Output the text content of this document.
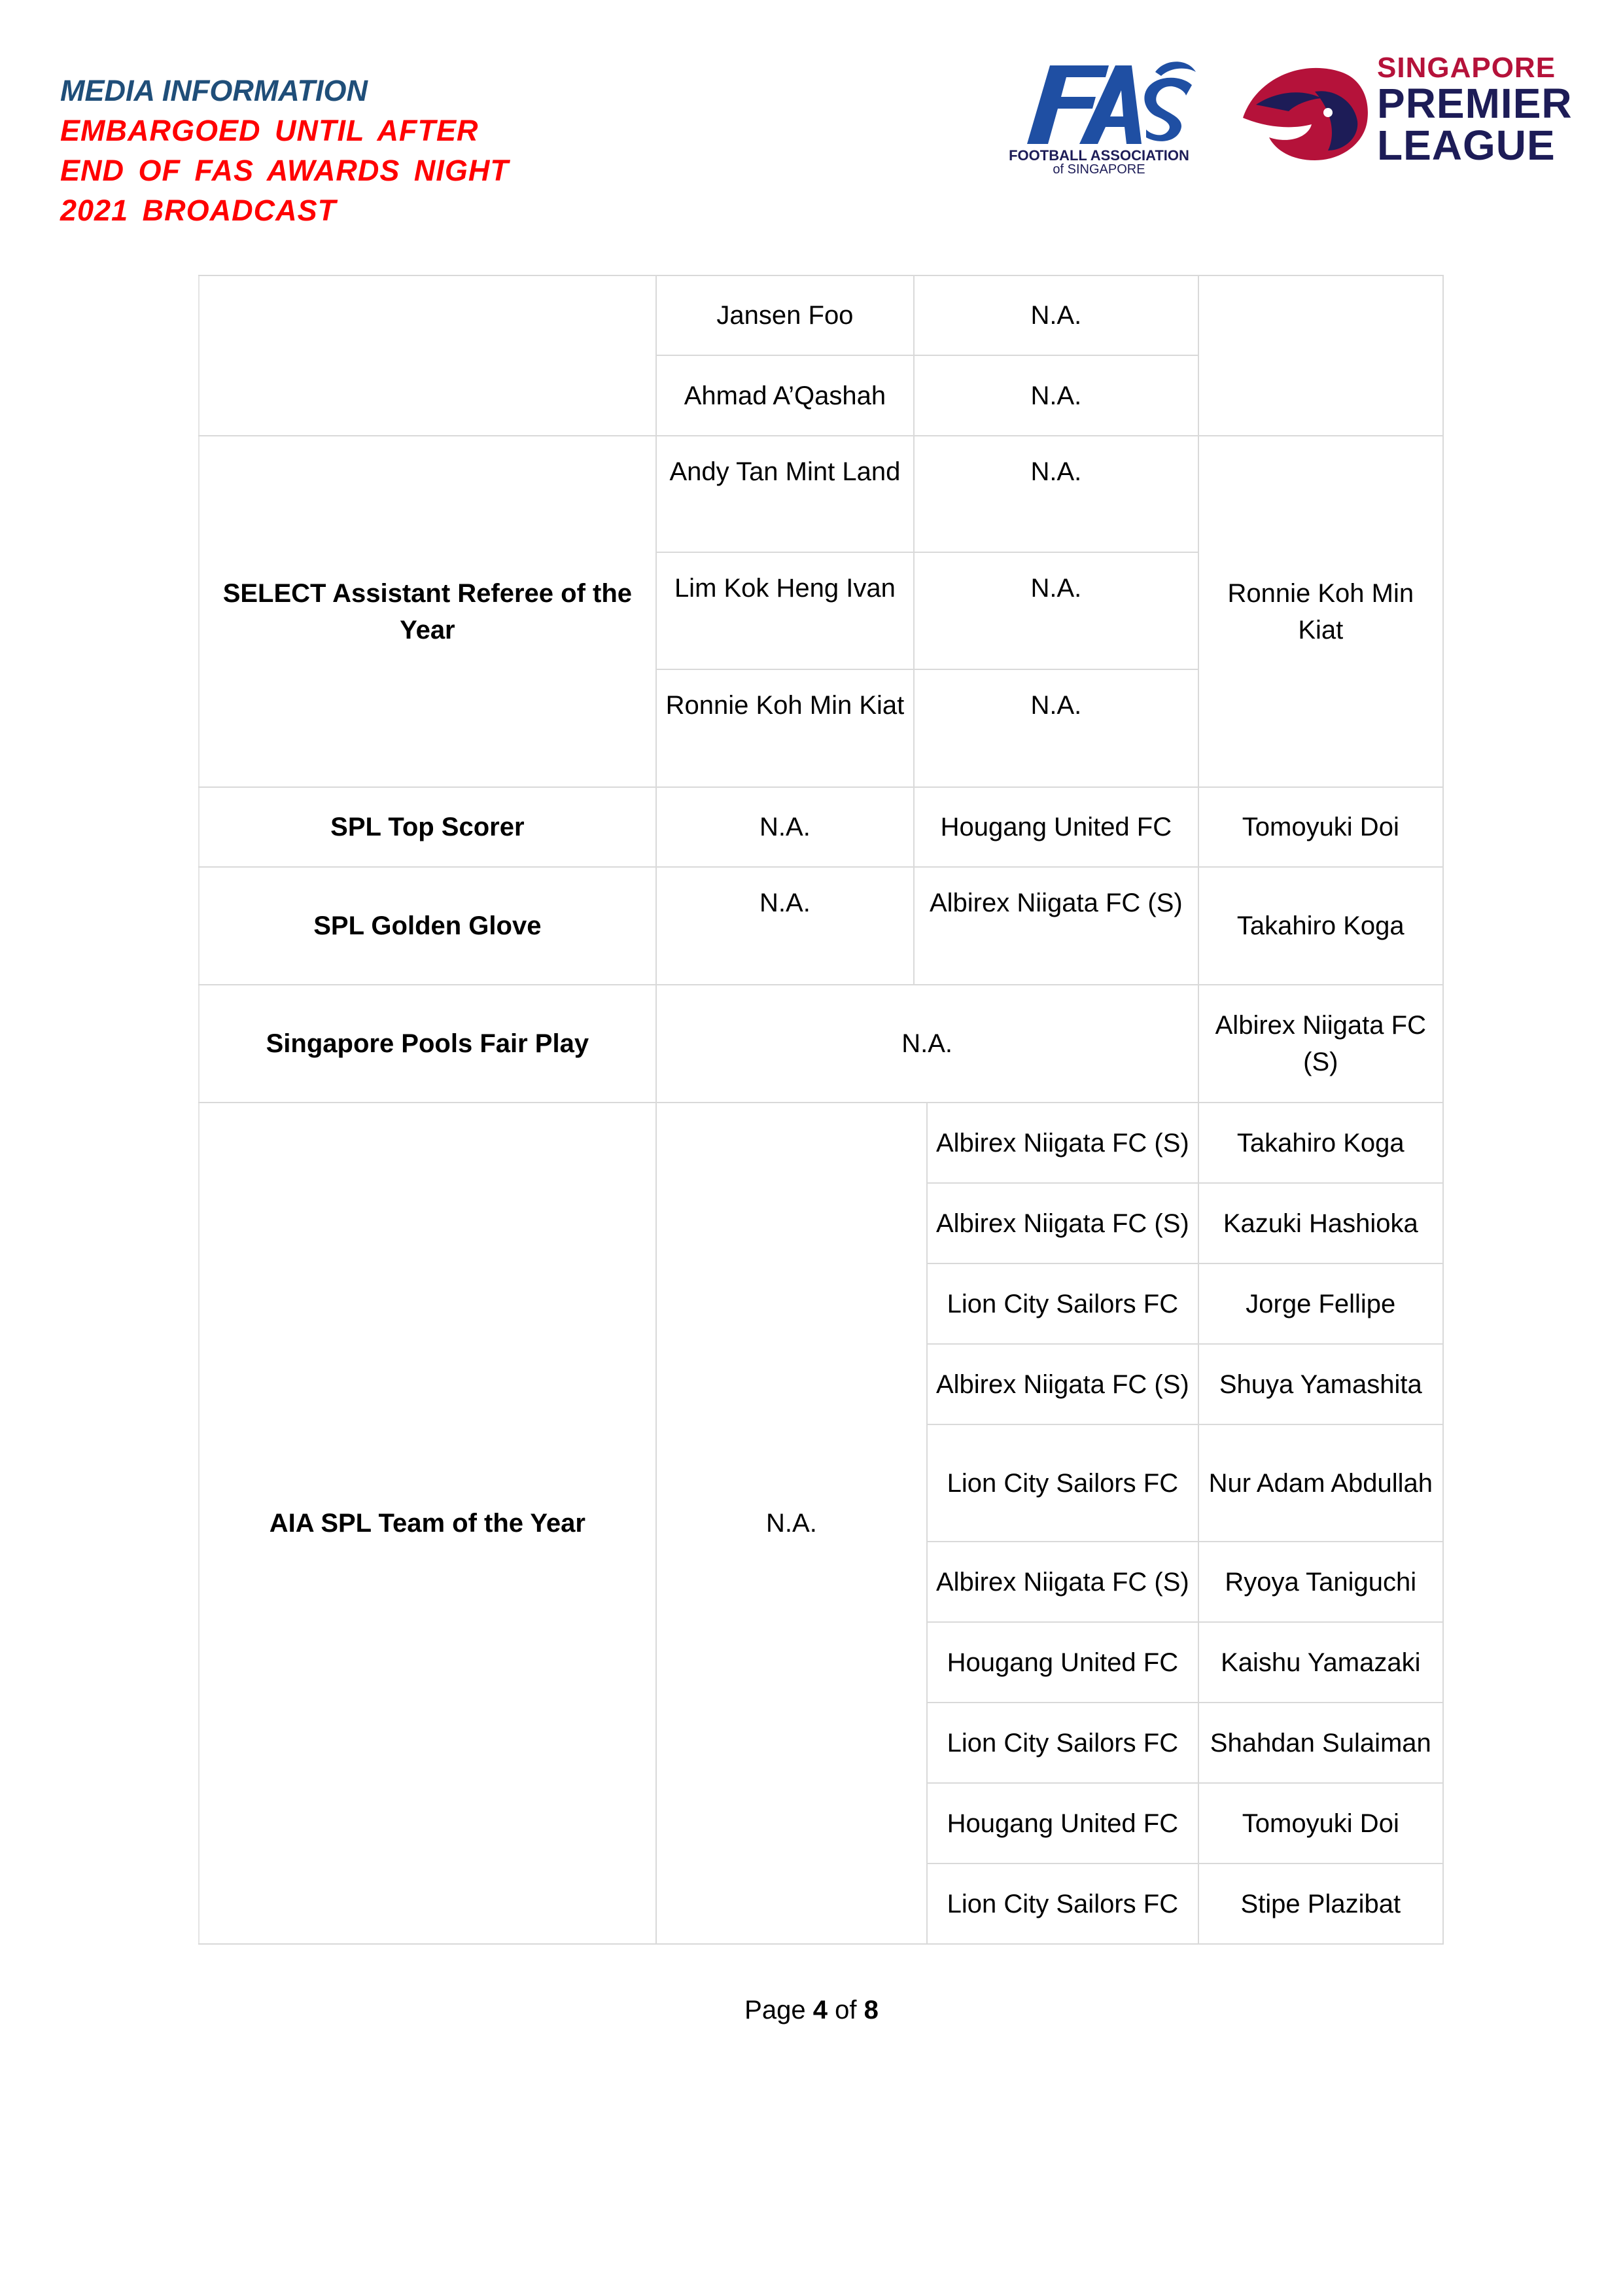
MEDIA INFORMATION
EMBARGOED UNTIL AFTER
END OF FAS AWARDS NIGHT
2021 BROADCAST
FOOTBALL ASSOCIATION
of SINGAPORE
SINGAPORE
PREMIER
LEAGUE
	Jansen Foo	N.A.		
	Ahmad A’Qashah	N.A.		
SELECT Assistant Referee of the Year	Andy Tan Mint Land	N.A.		Ronnie Koh Min Kiat
	Lim Kok Heng Ivan	N.A.		
	Ronnie Koh Min Kiat	N.A.		
SPL Top Scorer	N.A.	Hougang United FC		Tomoyuki Doi
SPL Golden Glove	N.A.	Albirex Niigata FC (S)		Takahiro Koga
Singapore Pools Fair Play	N.A.			Albirex Niigata FC (S)
AIA SPL Team of the Year	N.A.		Albirex Niigata FC (S)	Takahiro Koga
			Albirex Niigata FC (S)	Kazuki Hashioka
			Lion City Sailors FC	Jorge Fellipe
			Albirex Niigata FC (S)	Shuya Yamashita
			Lion City Sailors FC	Nur Adam Abdullah
			Albirex Niigata FC (S)	Ryoya Taniguchi
			Hougang United FC	Kaishu Yamazaki
			Lion City Sailors FC	Shahdan Sulaiman
			Hougang United FC	Tomoyuki Doi
			Lion City Sailors FC	Stipe Plazibat
Page 4 of 8
